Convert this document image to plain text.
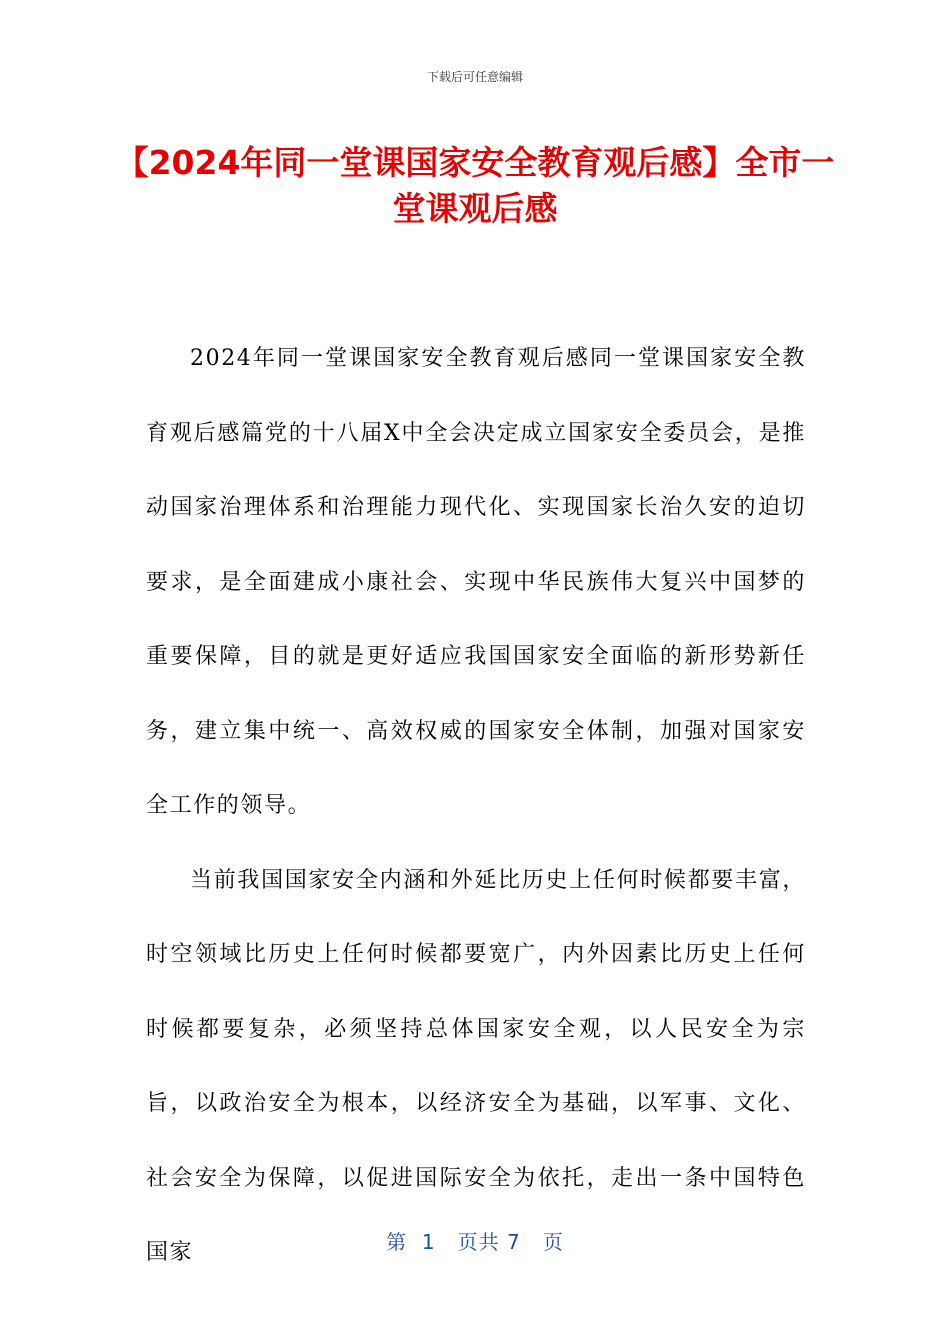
下载后可任意编辑
【2024年同一堂课国家安全教育观后感】全市一堂课观后感

2024年同一堂课国家安全教育观后感同一堂课国家安全教育观后感篇党的十八届X中全会决定成立国家安全委员会，是推动国家治理体系和治理能力现代化、实现国家长治久安的迫切要求，是全面建成小康社会、实现中华民族伟大复兴中国梦的重要保障，目的就是更好适应我国国家安全面临的新形势新任务，建立集中统一、高效权威的国家安全体制，加强对国家安全工作的领导。

当前我国国家安全内涵和外延比历史上任何时候都要丰富，时空领域比历史上任何时候都要宽广，内外因素比历史上任何时候都要复杂，必须坚持总体国家安全观，以人民安全为宗旨，以政治安全为根本，以经济安全为基础，以军事、文化、社会安全为保障，以促进国际安全为依托，走出一条中国特色国家	第 1 页共 7 页
